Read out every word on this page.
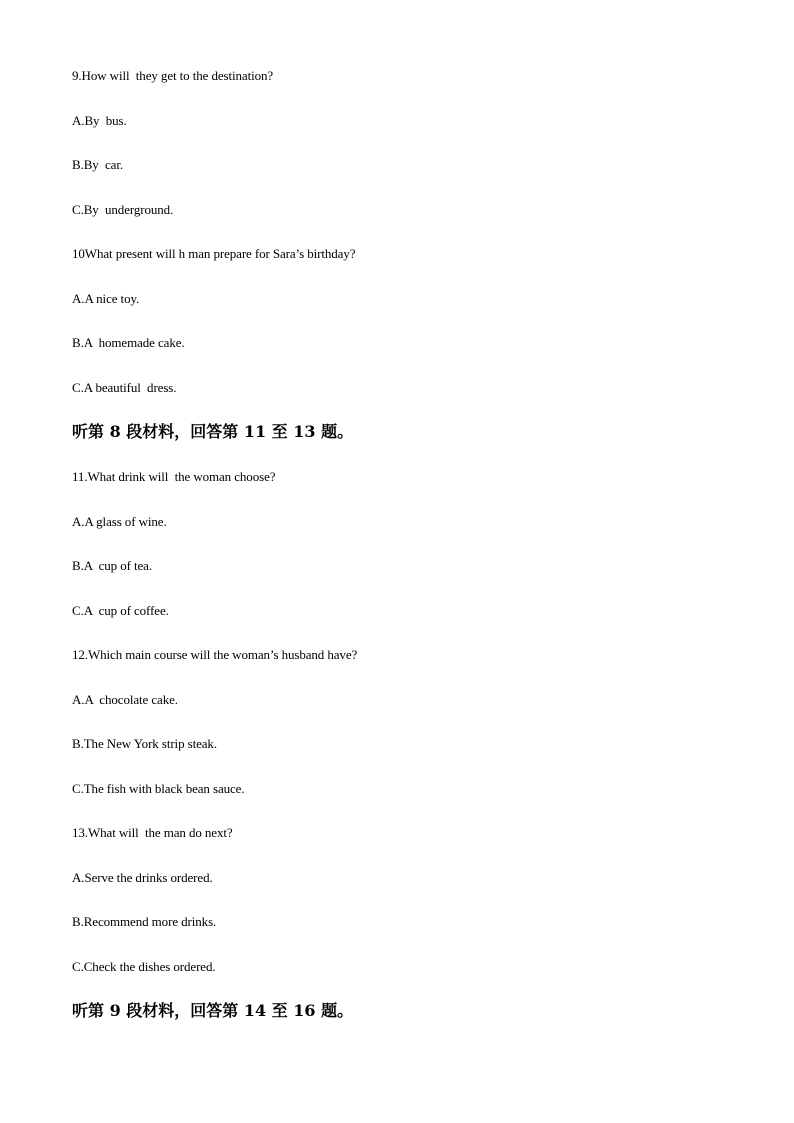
9.How will  they get to the destination?
A.By  bus.
B.By  car.
C.By  underground.
10What present will h man prepare for Sara’s birthday?
A.A nice toy.
B.A  homemade cake.
C.A beautiful  dress.
听第 8 段材料，回答第 11 至 13 题。
11.What drink will  the woman choose?
A.A glass of wine.
B.A  cup of tea.
C.A  cup of coffee.
12.Which main course will the woman’s husband have?
A.A  chocolate cake.
B.The New York strip steak.
C.The fish with black bean sauce.
13.What will  the man do next?
A.Serve the drinks ordered.
B.Recommend more drinks.
C.Check the dishes ordered.
听第 9 段材料，回答第 14 至 16 题。
